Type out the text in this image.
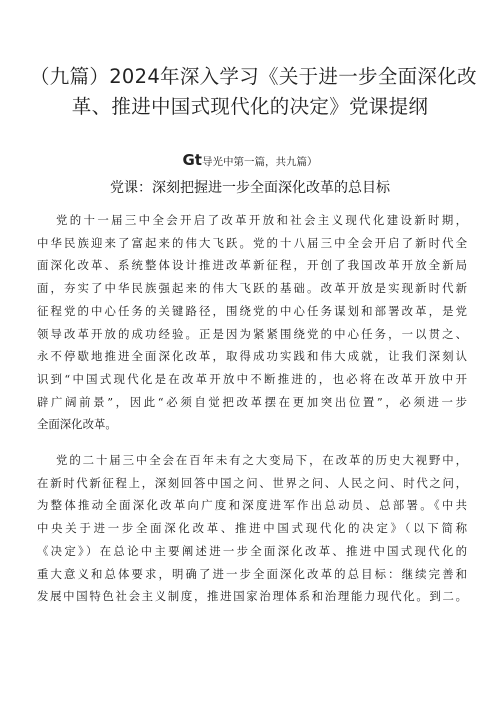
（九篇）2024年深入学习《关于进一步全面深化改
革、推进中国式现代化的决定》党课提纲
Gt导光中第一篇，共九篇）
党课：深刻把握进一步全面深化改革的总目标

党的十一届三中全会开启了改革开放和社会主义现代化建设新时期，
中华民族迎来了富起来的伟大飞跃。党的十八届三中全会开启了新时代全
面深化改革、系统整体设计推进改革新征程，开创了我国改革开放全新局
面，夯实了中华民族强起来的伟大飞跃的基础。改革开放是实现新时代新
征程党的中心任务的关键路径，围绕党的中心任务谋划和部署改革，是党
领导改革开放的成功经验。正是因为紧紧围绕党的中心任务，一以贯之、
永不停歇地推进全面深化改革，取得成功实践和伟大成就，让我们深刻认
识到“中国式现代化是在改革开放中不断推进的，也必将在改革开放中开
辟广阔前景”，因此“必须自觉把改革摆在更加突出位置”，必须进一步
全面深化改革。

党的二十届三中全会在百年未有之大变局下，在改革的历史大视野中，
在新时代新征程上，深刻回答中国之问、世界之问、人民之问、时代之问，
为整体推动全面深化改革向广度和深度进军作出总动员、总部署。《中共
中央关于进一步全面深化改革、推进中国式现代化的决定》（以下简称
《决定》）在总论中主要阐述进一步全面深化改革、推进中国式现代化的
重大意义和总体要求，明确了进一步全面深化改革的总目标：继续完善和
发展中国特色社会主义制度，推进国家治理体系和治理能力现代化。到二。
